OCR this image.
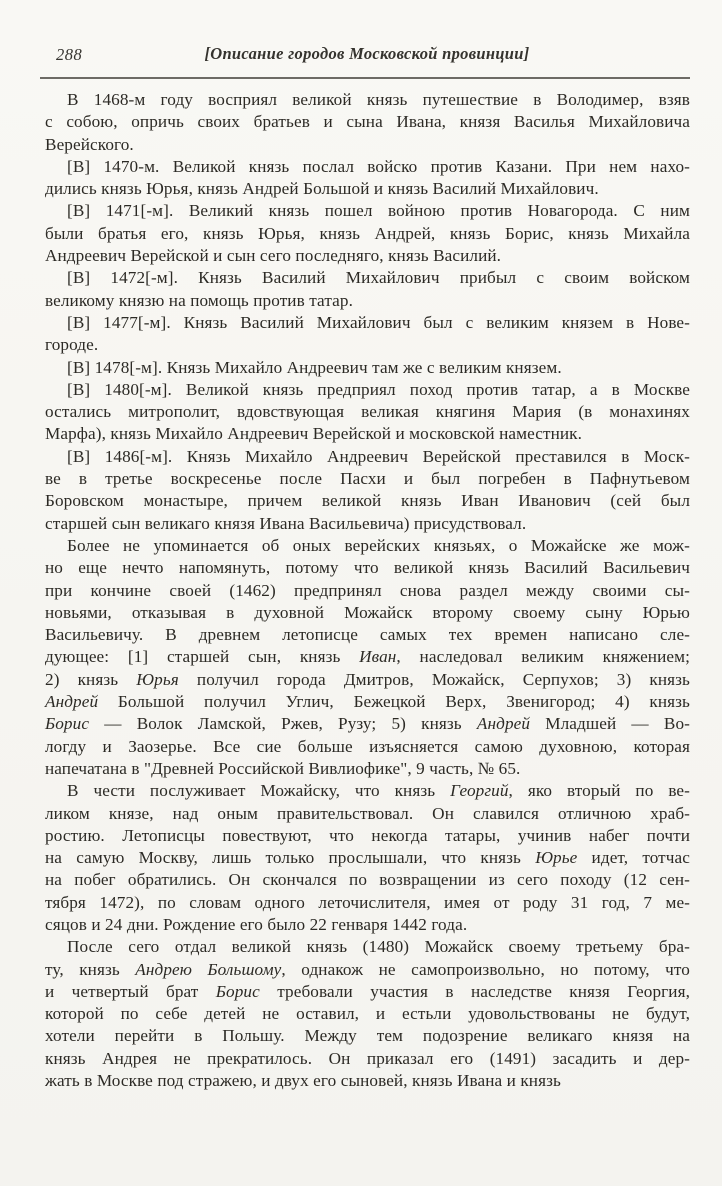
288	[Описание городов Московской провинции]
В 1468-м году восприял великой князь путешествие в Володимер, взяв
с собою, опричь своих братьев и сына Ивана, князя Василья Михайловича
Верейского.
[В] 1470-м. Великой князь послал войско против Казани. При нем нахо-
дились князь Юрья, князь Андрей Большой и князь Василий Михайлович.
[В] 1471[-м]. Великий князь пошел войною против Новагорода. С ним
были братья его, князь Юрья, князь Андрей, князь Борис, князь Михайла
Андреевич Верейской и сын сего последняго, князь Василий.
[В] 1472[-м]. Князь Василий Михайлович прибыл с своим войском
великому князю на помощь против татар.
[В] 1477[-м]. Князь Василий Михайлович был с великим князем в Нове-
городе.
[В] 1478[-м]. Князь Михайло Андреевич там же с великим князем.
[В] 1480[-м]. Великой князь предприял поход против татар, а в Москве
остались митрополит, вдовствующая великая княгиня Мария (в монахинях
Марфа), князь Михайло Андреевич Верейской и московской наместник.
[В] 1486[-м]. Князь Михайло Андреевич Верейской преставился в Моск-
ве в третье воскресенье после Пасхи и был погребен в Пафнутьевом
Боровском монастыре, причем великой князь Иван Иванович (сей был
старшей сын великаго князя Ивана Васильевича) присудствовал.
Более не упоминается об оных верейских князьях, о Можайске же мож-
но еще нечто напомянуть, потому что великой князь Василий Васильевич
при кончине своей (1462) предпринял снова раздел между своими сы-
новьями, отказывая в духовной Можайск второму своему сыну Юрью
Васильевичу. В древнем летописце самых тех времен написано сле-
дующее: [1] старшей сын, князь Иван, наследовал великим княжением;
2) князь Юрья получил города Дмитров, Можайск, Серпухов; 3) князь
Андрей Большой получил Углич, Бежецкой Верх, Звенигород; 4) князь
Борис — Волок Ламской, Ржев, Рузу; 5) князь Андрей Младшей — Во-
логду и Заозерье. Все сие больше изъясняется самою духовною, которая
напечатана в "Древней Российской Вивлиофике", 9 часть, № 65.
В чести послуживает Можайску, что князь Георгий, яко вторый по ве-
ликом князе, над оным правительствовал. Он славился отличною храб-
ростию. Летописцы повествуют, что некогда татары, учинив набег почти
на самую Москву, лишь только прослышали, что князь Юрье идет, тотчас
на побег обратились. Он скончался по возвращении из сего походу (12 сен-
тября 1472), по словам одного леточислителя, имея от роду 31 год, 7 ме-
сяцов и 24 дни. Рождение его было 22 генваря 1442 года.
После сего отдал великой князь (1480) Можайск своему третьему бра-
ту, князь Андрею Большому, однакож не самопроизвольно, но потому, что
и четвертый брат Борис требовали участия в наследстве князя Георгия,
которой по себе детей не оставил, и естьли удовольствованы не будут,
хотели перейти в Польшу. Между тем подозрение великаго князя на
князь Андрея не прекратилось. Он приказал его (1491) засадить и дер-
жать в Москве под стражею, и двух его сыновей, князь Ивана и князь
